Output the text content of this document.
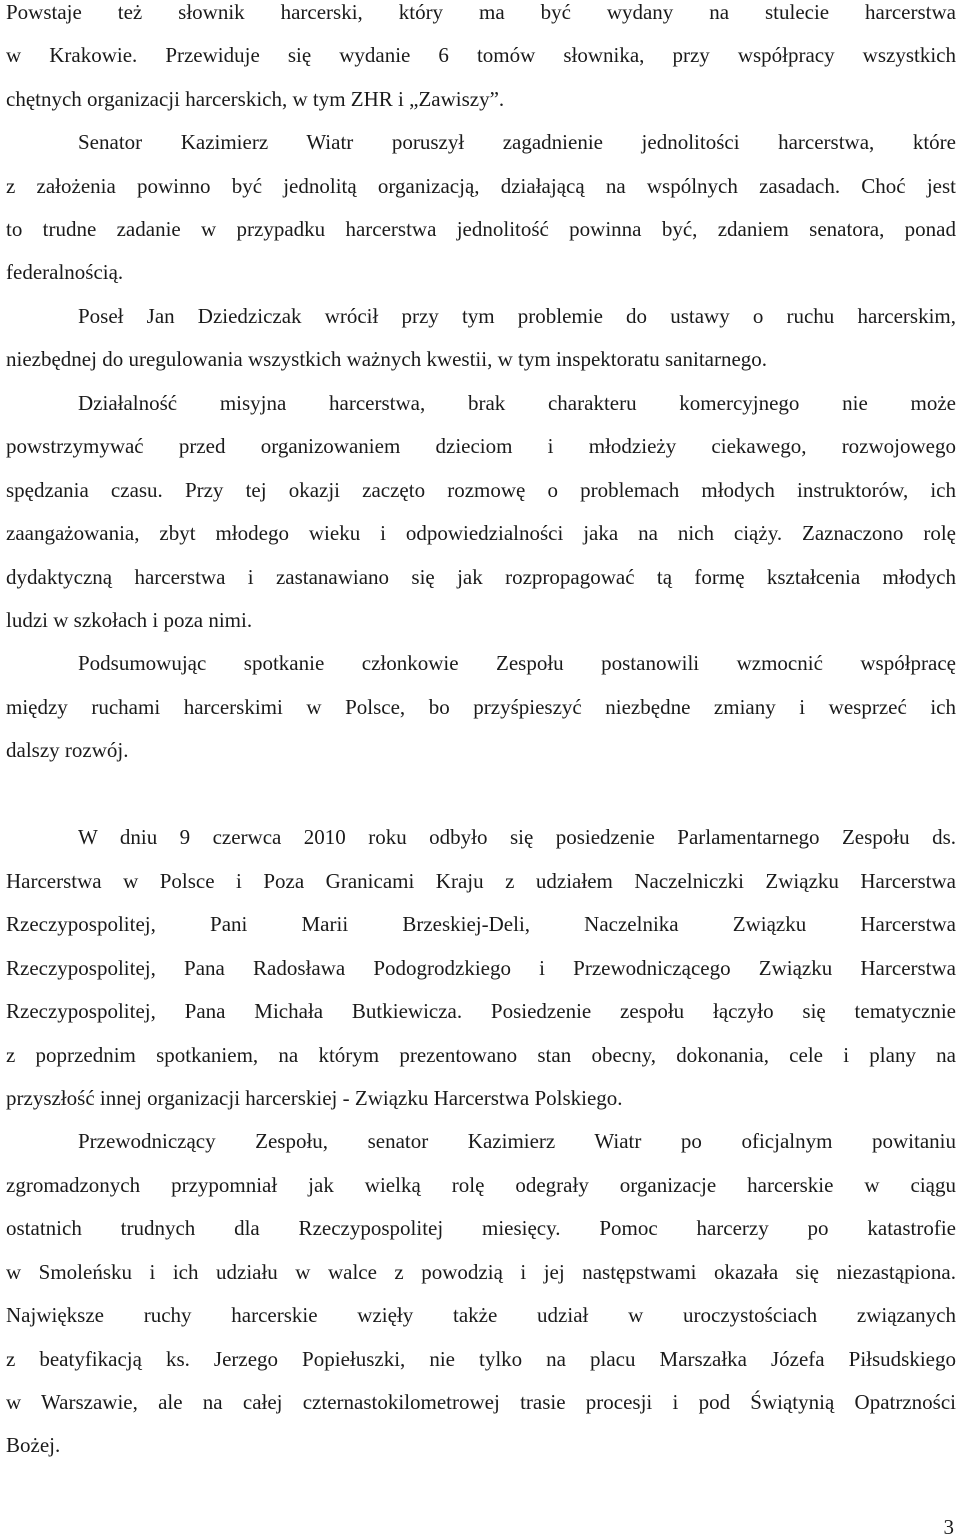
Powstaje też słownik harcerski, który ma być wydany na stulecie harcerstwa
w Krakowie. Przewiduje się wydanie 6 tomów słownika, przy współpracy wszystkich
chętnych organizacji harcerskich, w tym ZHR i „Zawiszy”.
Senator Kazimierz Wiatr poruszył zagadnienie jednolitości harcerstwa, które
z założenia powinno być jednolitą organizacją, działającą na wspólnych zasadach. Choć jest
to trudne zadanie w przypadku harcerstwa jednolitość powinna być, zdaniem senatora, ponad
federalnością.
Poseł Jan Dziedziczak wrócił przy tym problemie do ustawy o ruchu harcerskim,
niezbędnej do uregulowania wszystkich ważnych kwestii, w tym inspektoratu sanitarnego.
Działalność misyjna harcerstwa, brak charakteru komercyjnego nie może
powstrzymywać przed organizowaniem dzieciom i młodzieży ciekawego, rozwojowego
spędzania czasu. Przy tej okazji zaczęto rozmowę o problemach młodych instruktorów, ich
zaangażowania, zbyt młodego wieku i odpowiedzialności jaka na nich ciąży. Zaznaczono rolę
dydaktyczną harcerstwa i zastanawiano się jak rozpropagować tą formę kształcenia młodych
ludzi w szkołach i poza nimi.
Podsumowując spotkanie członkowie Zespołu postanowili wzmocnić współpracę
między ruchami harcerskimi w Polsce, bo przyśpieszyć niezbędne zmiany i wesprzeć ich
dalszy rozwój.
W dniu 9 czerwca 2010 roku odbyło się posiedzenie Parlamentarnego Zespołu ds.
Harcerstwa w Polsce i Poza Granicami Kraju z udziałem Naczelniczki Związku Harcerstwa
Rzeczypospolitej, Pani Marii Brzeskiej-Deli, Naczelnika Związku Harcerstwa
Rzeczypospolitej, Pana Radosława Podogrodzkiego i Przewodniczącego Związku Harcerstwa
Rzeczypospolitej, Pana Michała Butkiewicza. Posiedzenie zespołu łączyło się tematycznie
z poprzednim spotkaniem, na którym prezentowano stan obecny, dokonania, cele i plany na
przyszłość innej organizacji harcerskiej - Związku Harcerstwa Polskiego.
Przewodniczący Zespołu, senator Kazimierz Wiatr po oficjalnym powitaniu
zgromadzonych przypomniał jak wielką rolę odegrały organizacje harcerskie w ciągu
ostatnich trudnych dla Rzeczypospolitej miesięcy. Pomoc harcerzy po katastrofie
w Smoleńsku i ich udziału w walce z powodzią i jej następstwami okazała się niezastąpiona.
Największe ruchy harcerskie wzięły także udział w uroczystościach związanych
z beatyfikacją ks. Jerzego Popiełuszki, nie tylko na placu Marszałka Józefa Piłsudskiego
w Warszawie, ale na całej czternastokilometrowej trasie procesji i pod Świątynią Opatrzności
Bożej.
3
